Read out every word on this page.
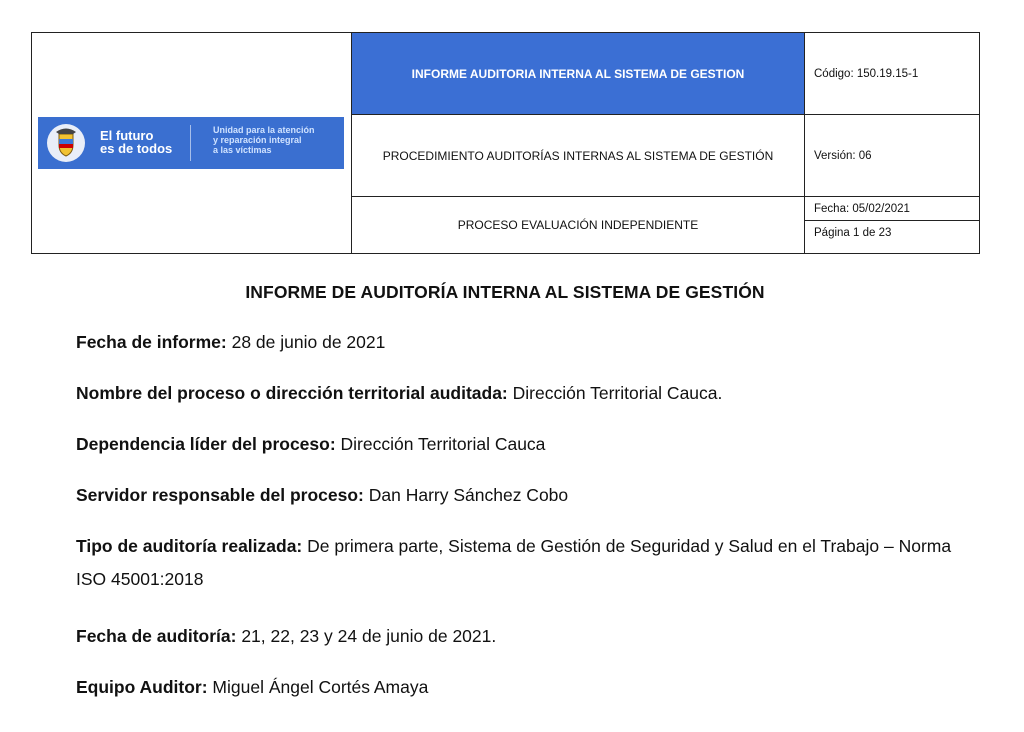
El futuro
es de todos
Unidad para la atención
y reparación integral
a las víctimas
INFORME AUDITORIA INTERNA AL SISTEMA DE GESTION
PROCEDIMIENTO AUDITORÍAS INTERNAS AL SISTEMA DE GESTIÓN
PROCESO EVALUACIÓN INDEPENDIENTE
Código: 150.19.15-1
Versión: 06
Fecha: 05/02/2021
Página 1 de 23
INFORME DE AUDITORÍA INTERNA AL SISTEMA DE GESTIÓN
Fecha de informe: 28 de junio de 2021
Nombre del proceso o dirección territorial auditada: Dirección Territorial Cauca.
Dependencia líder del proceso: Dirección Territorial Cauca
Servidor responsable del proceso: Dan Harry Sánchez Cobo
Tipo de auditoría realizada: De primera parte, Sistema de Gestión de Seguridad y Salud en el Trabajo – Norma ISO 45001:2018
Fecha de auditoría: 21, 22, 23 y 24 de junio de 2021.
Equipo Auditor: Miguel Ángel Cortés Amaya
